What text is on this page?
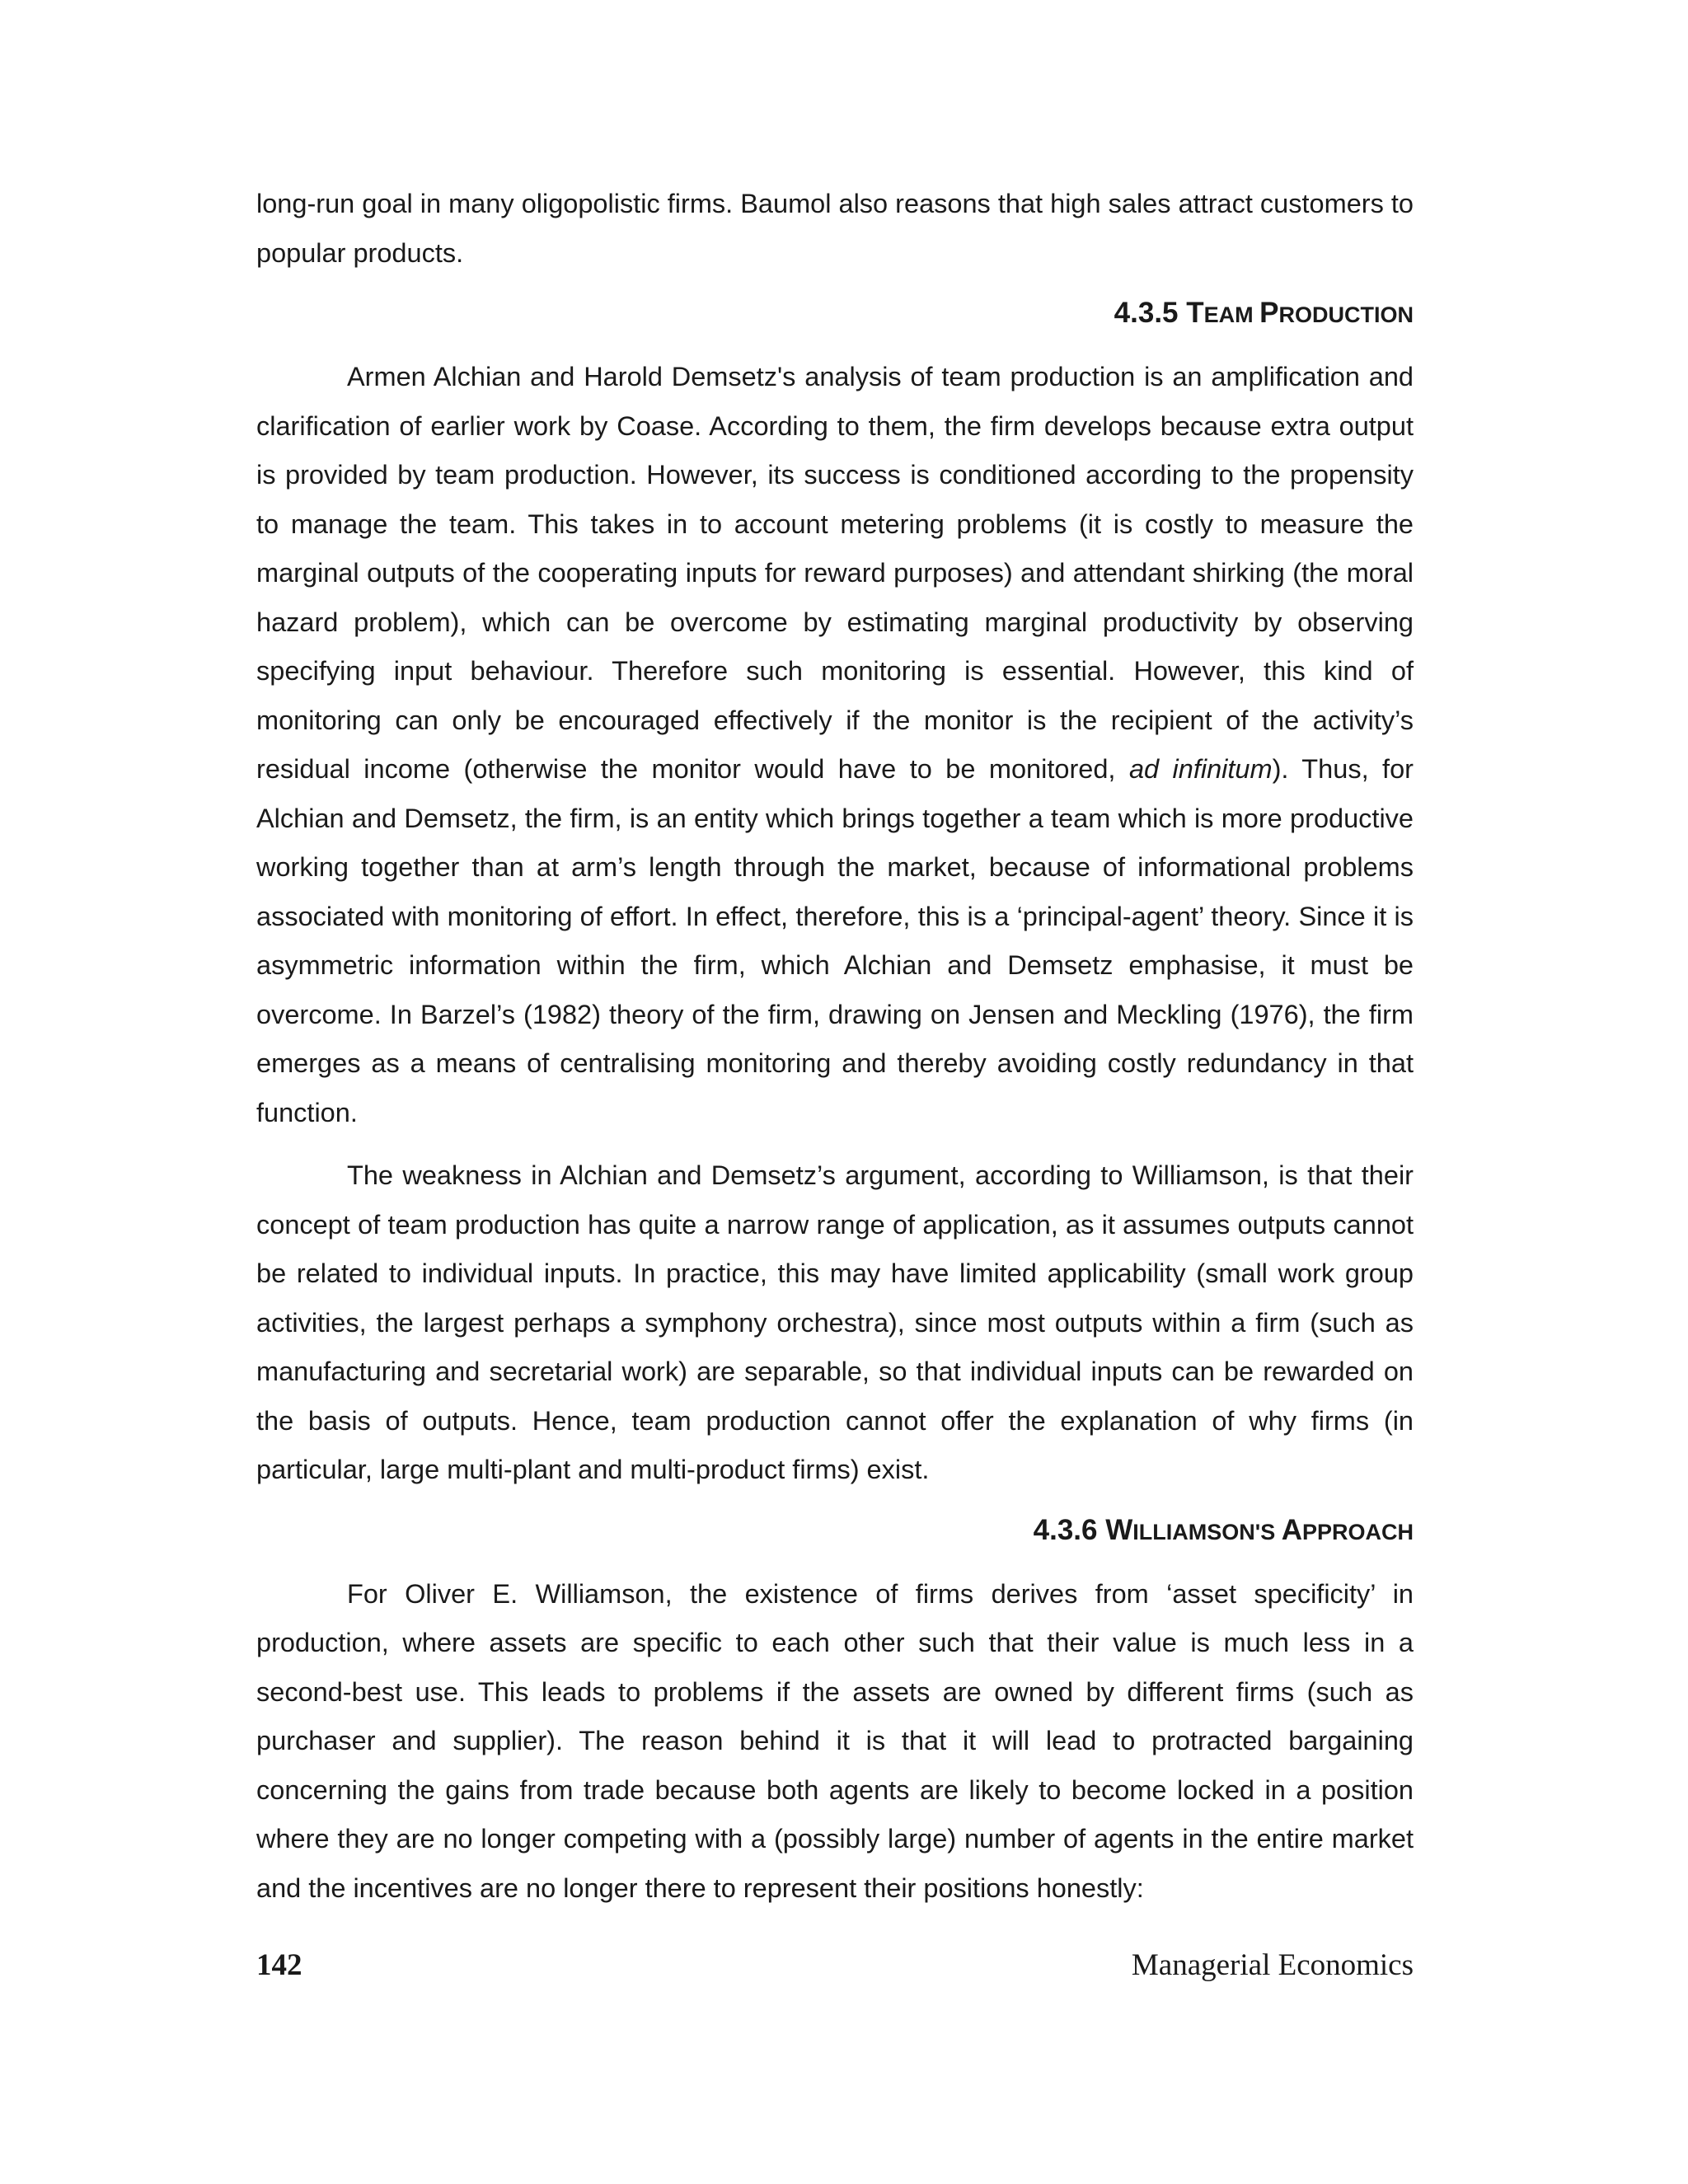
long-run goal in many oligopolistic firms. Baumol also reasons that high sales attract customers to popular products.

4.3.5 TEAM PRODUCTION

Armen Alchian and Harold Demsetz's analysis of team production is an amplification and clarification of earlier work by Coase. According to them, the firm develops because extra output is provided by team production. However, its success is conditioned according to the propensity to manage the team. This takes in to account metering problems (it is costly to measure the marginal outputs of the cooperating inputs for reward purposes) and attendant shirking (the moral hazard problem), which can be overcome by estimating marginal productivity by observing specifying input behaviour. Therefore such monitoring is essential. However, this kind of monitoring can only be encouraged effectively if the monitor is the recipient of the activity’s residual income (otherwise the monitor would have to be monitored, ad infinitum). Thus, for Alchian and Demsetz, the firm, is an entity which brings together a team which is more productive working together than at arm’s length through the market, because of informational problems associated with monitoring of effort. In effect, therefore, this is a ‘principal-agent’ theory. Since it is asymmetric information within the firm, which Alchian and Demsetz emphasise, it must be overcome. In Barzel’s (1982) theory of the firm, drawing on Jensen and Meckling (1976), the firm emerges as a means of centralising monitoring and thereby avoiding costly redundancy in that function.

The weakness in Alchian and Demsetz’s argument, according to Williamson, is that their concept of team production has quite a narrow range of application, as it assumes outputs cannot be related to individual inputs. In practice, this may have limited applicability (small work group activities, the largest perhaps a symphony orchestra), since most outputs within a firm (such as manufacturing and secretarial work) are separable, so that individual inputs can be rewarded on the basis of outputs. Hence, team production cannot offer the explanation of why firms (in particular, large multi-plant and multi-product firms) exist.

4.3.6 WILLIAMSON'S APPROACH

For Oliver E. Williamson, the existence of firms derives from ‘asset specificity’ in production, where assets are specific to each other such that their value is much less in a second-best use. This leads to problems if the assets are owned by different firms (such as purchaser and supplier). The reason behind it is that it will lead to protracted bargaining concerning the gains from trade because both agents are likely to become locked in a position where they are no longer competing with a (possibly large) number of agents in the entire market and the incentives are no longer there to represent their positions honestly:

142	Managerial Economics
